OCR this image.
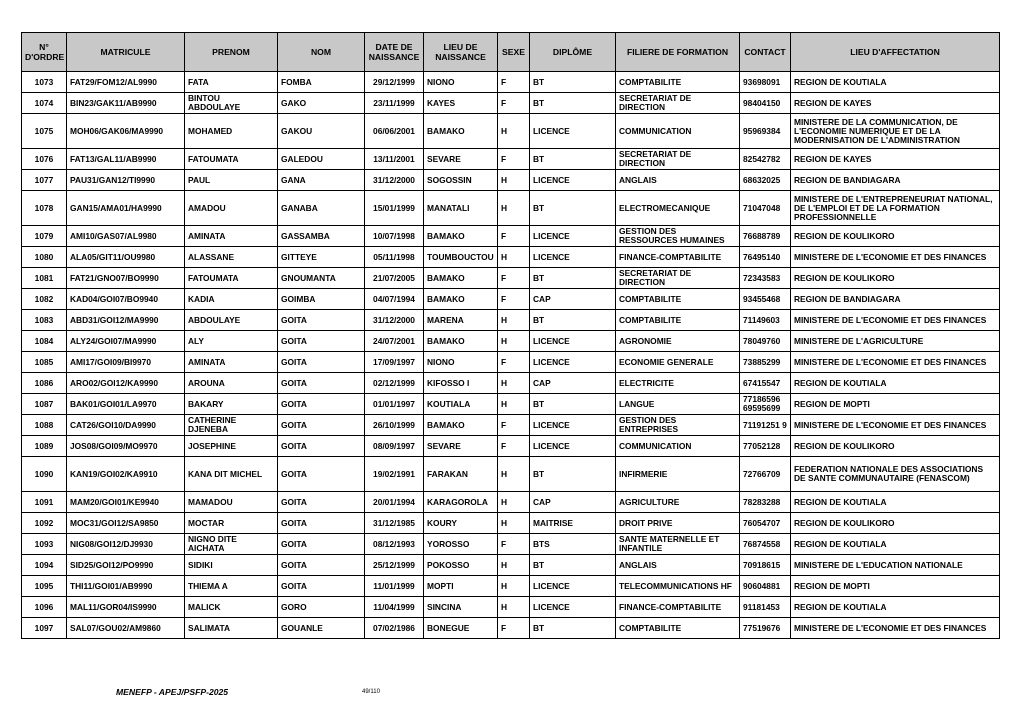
N° D'ORDRE	MATRICULE	PRENOM	NOM	DATE DE NAISSANCE	LIEU DE NAISSANCE	SEXE	DIPLÔME	FILIERE DE FORMATION	CONTACT	LIEU D'AFFECTATION
1073	FAT29/FOM12/AL9990	FATA	FOMBA	29/12/1999	NIONO	F	BT	COMPTABILITE	93698091	REGION DE KOUTIALA
1074	BIN23/GAK11/AB9990	BINTOU ABDOULAYE	GAKO	23/11/1999	KAYES	F	BT	SECRETARIAT DE DIRECTION	98404150	REGION DE KAYES
1075	MOH06/GAK06/MA9990	MOHAMED	GAKOU	06/06/2001	BAMAKO	H	LICENCE	COMMUNICATION	95969384	MINISTERE DE LA COMMUNICATION, DE L'ECONOMIE NUMERIQUE ET DE LA MODERNISATION DE L'ADMINISTRATION
1076	FAT13/GAL11/AB9990	FATOUMATA	GALEDOU	13/11/2001	SEVARE	F	BT	SECRETARIAT DE DIRECTION	82542782	REGION DE KAYES
1077	PAU31/GAN12/TI9990	PAUL	GANA	31/12/2000	SOGOSSIN	H	LICENCE	ANGLAIS	68632025	REGION DE BANDIAGARA
1078	GAN15/AMA01/HA9990	AMADOU	GANABA	15/01/1999	MANATALI	H	BT	ELECTROMECANIQUE	71047048	MINISTERE DE L'ENTREPRENEURIAT NATIONAL, DE L'EMPLOI ET DE LA FORMATION PROFESSIONNELLE
1079	AMI10/GAS07/AL9980	AMINATA	GASSAMBA	10/07/1998	BAMAKO	F	LICENCE	GESTION DES RESSOURCES HUMAINES	76688789	REGION DE KOULIKORO
1080	ALA05/GIT11/OU9980	ALASSANE	GITTEYE	05/11/1998	TOUMBOUCTOU	H	LICENCE	FINANCE-COMPTABILITE	76495140	MINISTERE DE L'ECONOMIE ET DES FINANCES
1081	FAT21/GNO07/BO9990	FATOUMATA	GNOUMANTA	21/07/2005	BAMAKO	F	BT	SECRETARIAT DE DIRECTION	72343583	REGION DE KOULIKORO
1082	KAD04/GOI07/BO9940	KADIA	GOIMBA	04/07/1994	BAMAKO	F	CAP	COMPTABILITE	93455468	REGION DE BANDIAGARA
1083	ABD31/GOI12/MA9990	ABDOULAYE	GOITA	31/12/2000	MARENA	H	BT	COMPTABILITE	71149603	MINISTERE DE L'ECONOMIE ET DES FINANCES
1084	ALY24/GOI07/MA9990	ALY	GOITA	24/07/2001	BAMAKO	H	LICENCE	AGRONOMIE	78049760	MINISTERE DE L'AGRICULTURE
1085	AMI17/GOI09/BI9970	AMINATA	GOITA	17/09/1997	NIONO	F	LICENCE	ECONOMIE GENERALE	73885299	MINISTERE DE L'ECONOMIE ET DES FINANCES
1086	ARO02/GOI12/KA9990	AROUNA	GOITA	02/12/1999	KIFOSSO I	H	CAP	ELECTRICITE	67415547	REGION DE KOUTIALA
1087	BAK01/GOI01/LA9970	BAKARY	GOITA	01/01/1997	KOUTIALA	H	BT	LANGUE	77186596 69595699	REGION DE MOPTI
1088	CAT26/GOI10/DA9990	CATHERINE DJENEBA	GOITA	26/10/1999	BAMAKO	F	LICENCE	GESTION DES ENTREPRISES	71191251 9	MINISTERE DE L'ECONOMIE ET DES FINANCES
1089	JOS08/GOI09/MO9970	JOSEPHINE	GOITA	08/09/1997	SEVARE	F	LICENCE	COMMUNICATION	77052128	REGION DE KOULIKORO
1090	KAN19/GOI02/KA9910	KANA DIT MICHEL	GOITA	19/02/1991	FARAKAN	H	BT	INFIRMERIE	72766709	FEDERATION NATIONALE DES ASSOCIATIONS DE SANTE COMMUNAUTAIRE (FENASCOM)
1091	MAM20/GOI01/KE9940	MAMADOU	GOITA	20/01/1994	KARAGOROLA	H	CAP	AGRICULTURE	78283288	REGION DE KOUTIALA
1092	MOC31/GOI12/SA9850	MOCTAR	GOITA	31/12/1985	KOURY	H	MAITRISE	DROIT PRIVE	76054707	REGION DE KOULIKORO
1093	NIG08/GOI12/DJ9930	NIGNO DITE AICHATA	GOITA	08/12/1993	YOROSSO	F	BTS	SANTE MATERNELLE ET INFANTILE	76874558	REGION DE KOUTIALA
1094	SID25/GOI12/PO9990	SIDIKI	GOITA	25/12/1999	POKOSSO	H	BT	ANGLAIS	70918615	MINISTERE DE L'EDUCATION NATIONALE
1095	THI11/GOI01/AB9990	THIEMA A	GOITA	11/01/1999	MOPTI	H	LICENCE	TELECOMMUNICATIONS HF	90604881	REGION DE MOPTI
1096	MAL11/GOR04/IS9990	MALICK	GORO	11/04/1999	SINCINA	H	LICENCE	FINANCE-COMPTABILITE	91181453	REGION DE KOUTIALA
1097	SAL07/GOU02/AM9860	SALIMATA	GOUANLE	07/02/1986	BONEGUE	F	BT	COMPTABILITE	77519676	MINISTERE DE L'ECONOMIE ET DES FINANCES
MENEFP - APEJ/PSFP-2025	49/110
